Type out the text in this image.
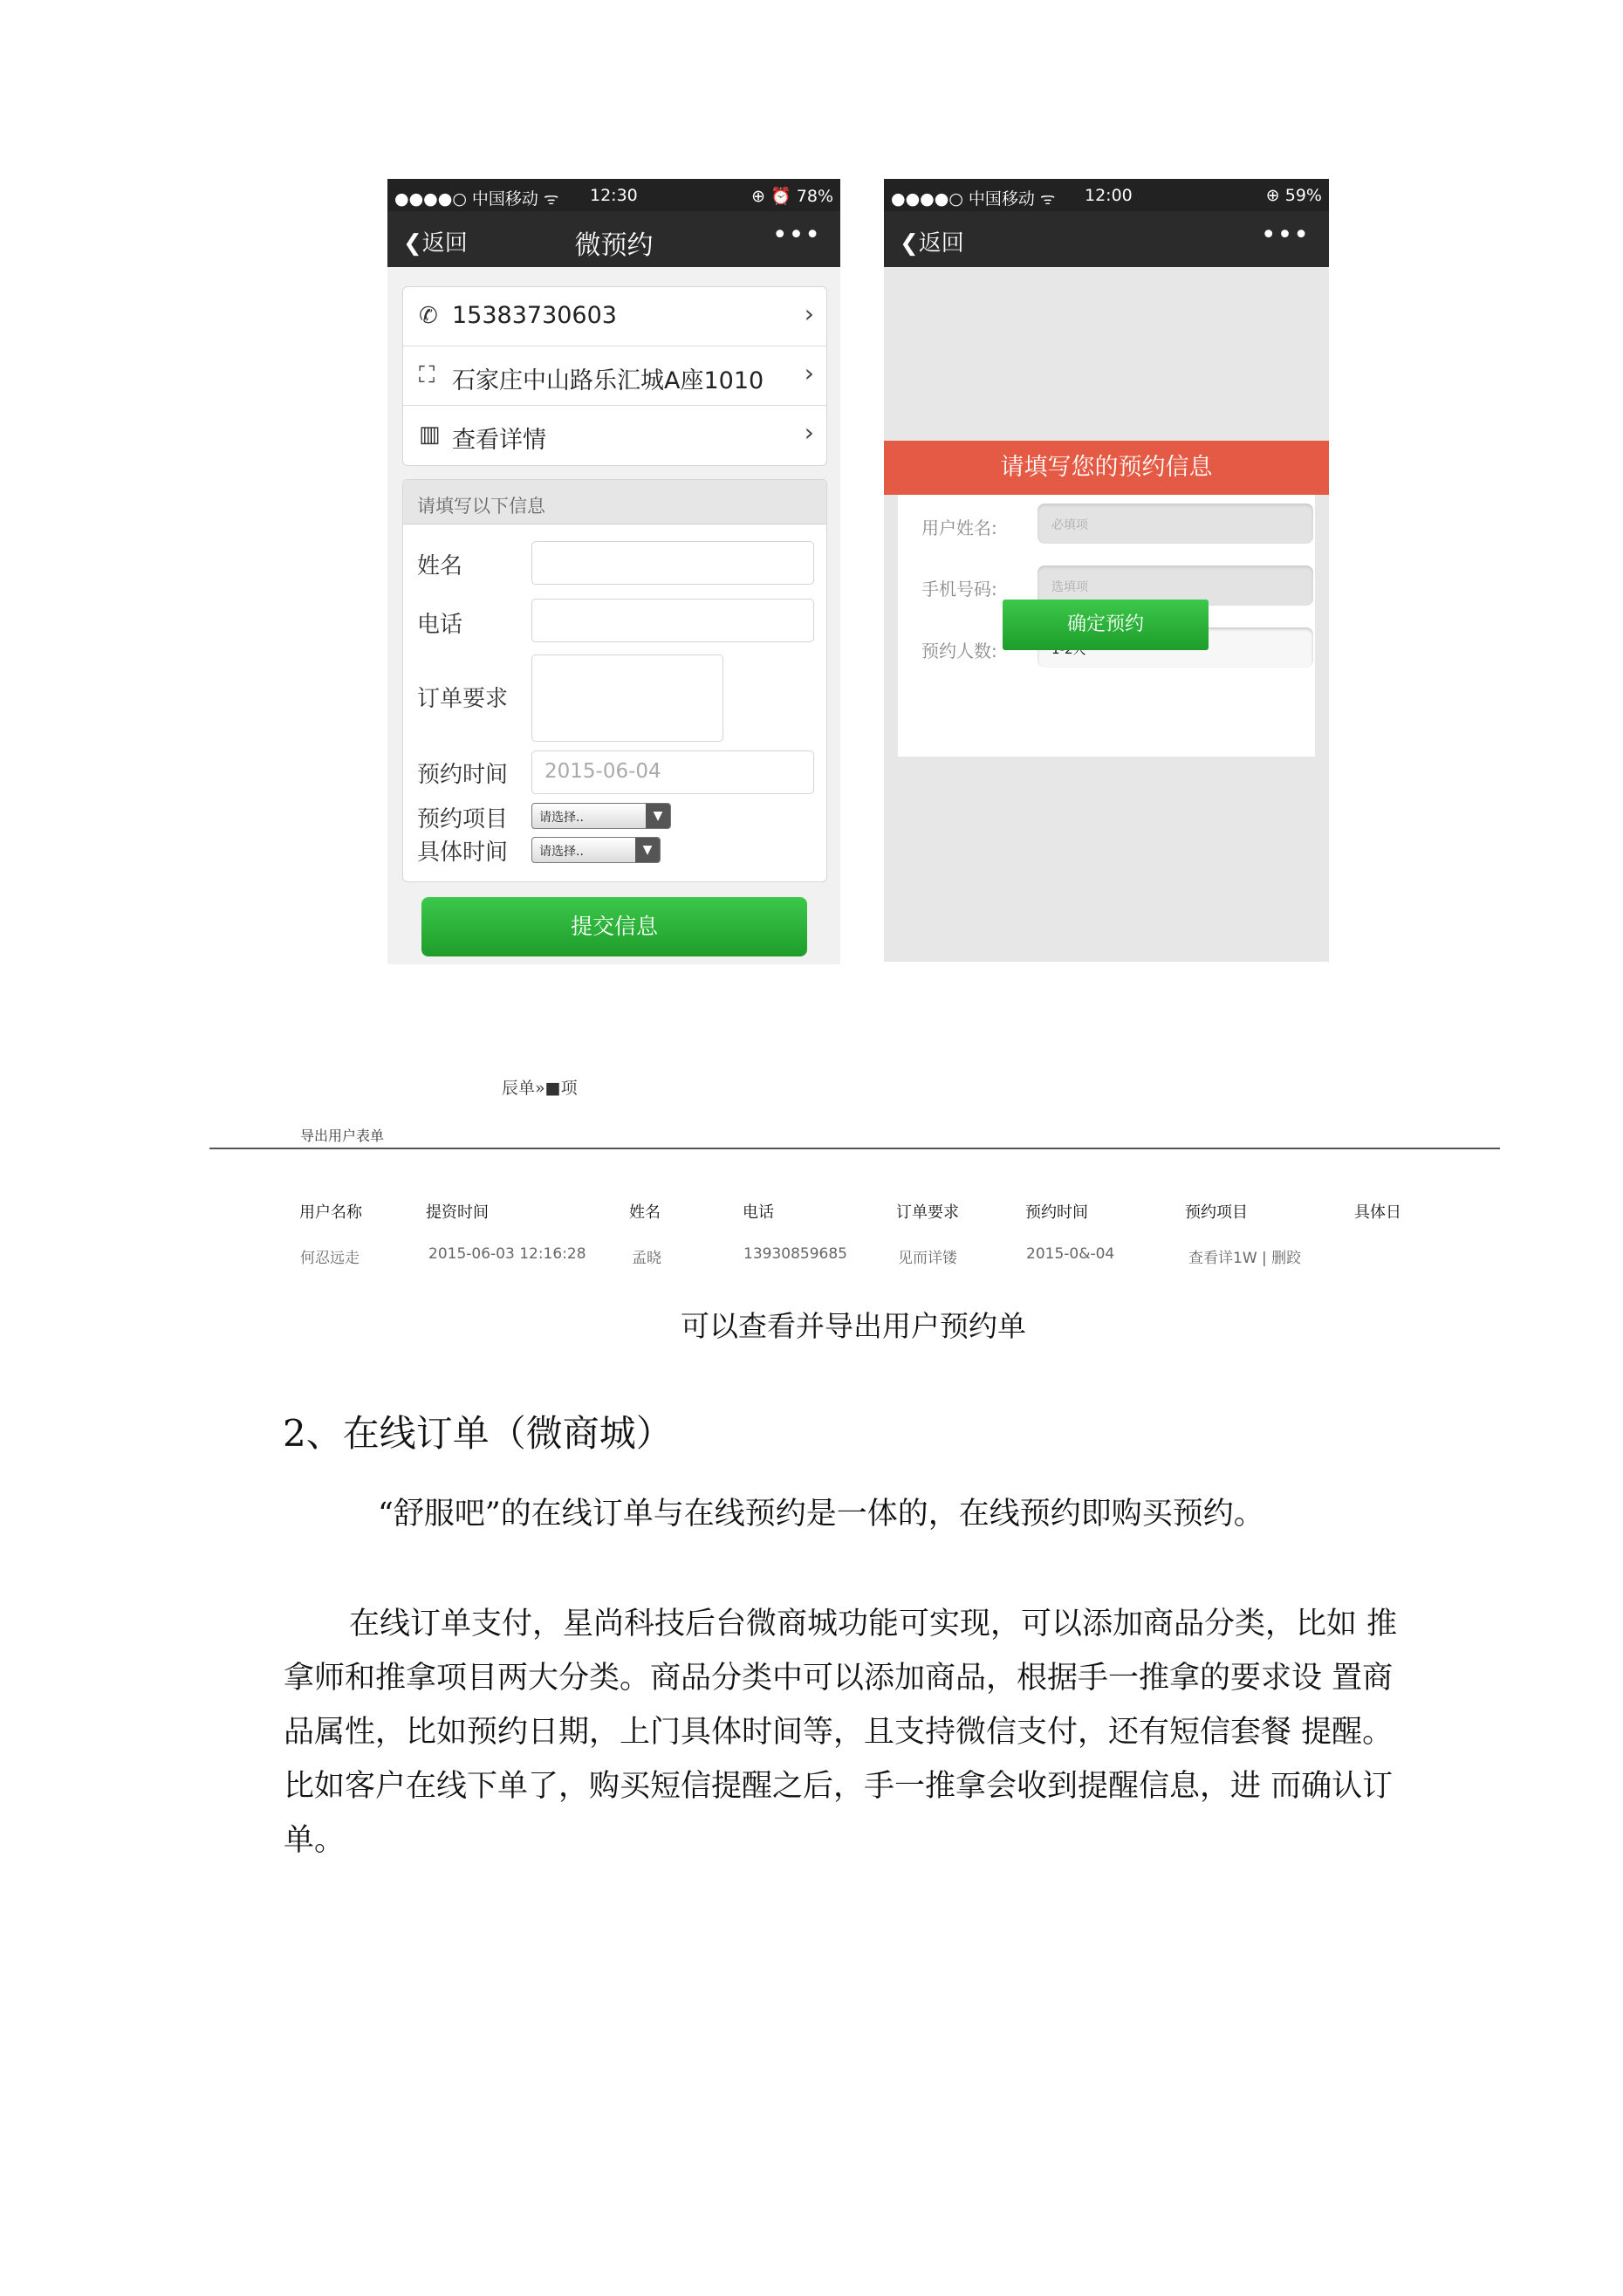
●●●●○ 中国移动 ᯤ 12:30	⊕ ⏰ 78%
❮返回	微预约	•••
✆ 15383730603	›
⛶ 石家庄中山路乐汇城A座1010 ›
▥ 查看详情	›
请填写以下信息
姓名
电话
订单要求
预约时间 2015-06-04
预约项目	请选择..	▼
具体时间	请选择..	▼
提交信息
●●●●○ 中国移动 ᯤ 12:00	⊕ 59%
❮返回	•••
请填写您的预约信息
用户姓名:	必填项
手机号码:	选填项
预约人数:
确定预约
辰单»■项
导出用户表单
用户名称	提资时间	姓名	电话	订单要求	预约时间	预约项目	具体日
何忍远走	2015-06-03 12:16:28	孟晓	13930859685	见而详镂	2015-0&-04	查看详1W | 删跤
可以查看并导出用户预约单
2、在线订单（微商城）
“舒服吧”的在线订单与在线预约是一体的，在线预约即购买预约。
在线订单支付，星尚科技后台微商城功能可实现，可以添加商品分类，比如 推
拿师和推拿项目两大分类。商品分类中可以添加商品，根据手一推拿的要求设 置商
品属性，比如预约日期，上门具体时间等，且支持微信支付，还有短信套餐 提醒。
比如客户在线下单了，购买短信提醒之后，手一推拿会收到提醒信息，进 而确认订
单。
